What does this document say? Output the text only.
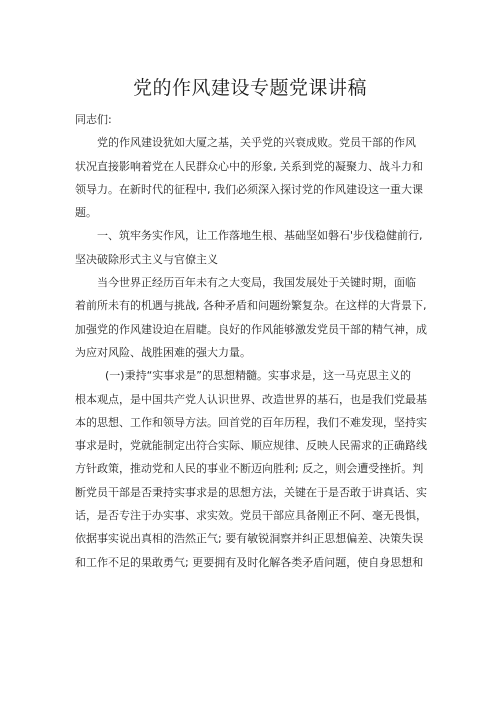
党的作风建设专题党课讲稿

同志们:

党的作风建设犹如大厦之基，关乎党的兴衰成败。党员干部的作风
状况直接影响着党在人民群众心中的形象, 关系到党的凝聚力、战斗力和
领导力。在新时代的征程中, 我们必须深入探讨党的作风建设这一重大课
题。

一、筑牢务实作风，让工作落地生根、基础坚如磐石'步伐稳健前行,
坚决破除形式主义与官僚主义

当今世界正经历百年未有之大变局，我国发展处于关键时期，面临
着前所未有的机遇与挑战, 各种矛盾和问题纷繁复杂。在这样的大背景下,
加强党的作风建设迫在眉睫。良好的作风能够激发党员干部的精气神，成
为应对风险、战胜困难的强大力量。

(一)秉持“实事求是”的思想精髓。实事求是，这一马克思主义的
根本观点，是中国共产党人认识世界、改造世界的基石，也是我们党最基
本的思想、工作和领导方法。回首党的百年历程，我们不难发现，坚持实
事求是时，党就能制定出符合实际、顺应规律、反映人民需求的正确路线
方针政策，推动党和人民的事业不断迈向胜利; 反之，则会遭受挫折。判
断党员干部是否秉持实事求是的思想方法，关键在于是否敢于讲真话、实
话，是否专注于办实事、求实效。党员干部应具备刚正不阿、毫无畏惧，
依据事实说出真相的浩然正气; 要有敏锐洞察并纠正思想偏差、决策失误
和工作不足的果敢勇气; 更要拥有及时化解各类矛盾问题，使自身思想和
